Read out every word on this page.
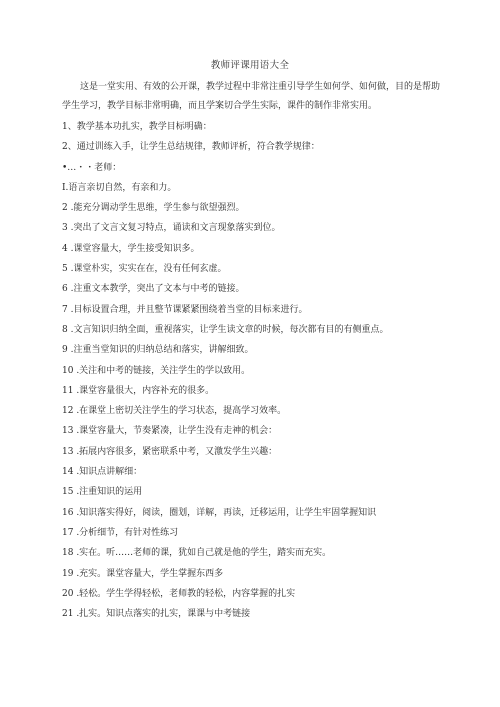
教师评课用语大全

这是一堂实用、有效的公开课，教学过程中非常注重引导学生如何学、如何做，目的是帮助学生学习，教学目标非常明确，而且学案切合学生实际，课件的制作非常实用。

1、教学基本功扎实，教学目标明确：
2、通过训练入手，让学生总结规律，教师评析，符合教学规律：
•…・・老师：
I.语言亲切自然，有亲和力。
2 .能充分调动学生思维，学生参与欲望强烈。
3 .突出了文言文复习特点，诵读和文言现象落实到位。
4 .课堂容量大，学生接受知识多。
5 .课堂朴实，实实在在，没有任何玄虚。
6 .注重文本教学，突出了文本与中考的链接。
7 .目标设置合理，并且整节课紧紧围绕着当堂的目标来进行。
8 .文言知识归纳全面，重视落实，让学生读文章的时候，每次都有目的有侧重点。
9 .注重当堂知识的归纳总结和落实，讲解细致。
10 .关注和中考的链接，关注学生的学以致用。
11 .课堂容量很大，内容补充的很多。
12 .在课堂上密切关注学生的学习状态，提高学习效率。
13 .课堂容量大，节奏紧凑，让学生没有走神的机会：
13 .拓展内容很多，紧密联系中考，又激发学生兴趣：
14 .知识点讲解细：
15 .注重知识的运用
16 .知识落实得好，阅读，圈划，详解，再读，迁移运用，让学生牢固掌握知识
17 .分析细节，有针对性练习
18 .实在。听……老师的课，犹如自己就是他的学生，踏实而充实。
19 .充实。课堂容量大，学生掌握东西多
20 .轻松。学生学得轻松，老师教的轻松，内容掌握的扎实
21 .扎实。知识点落实的扎实，课课与中考链接
